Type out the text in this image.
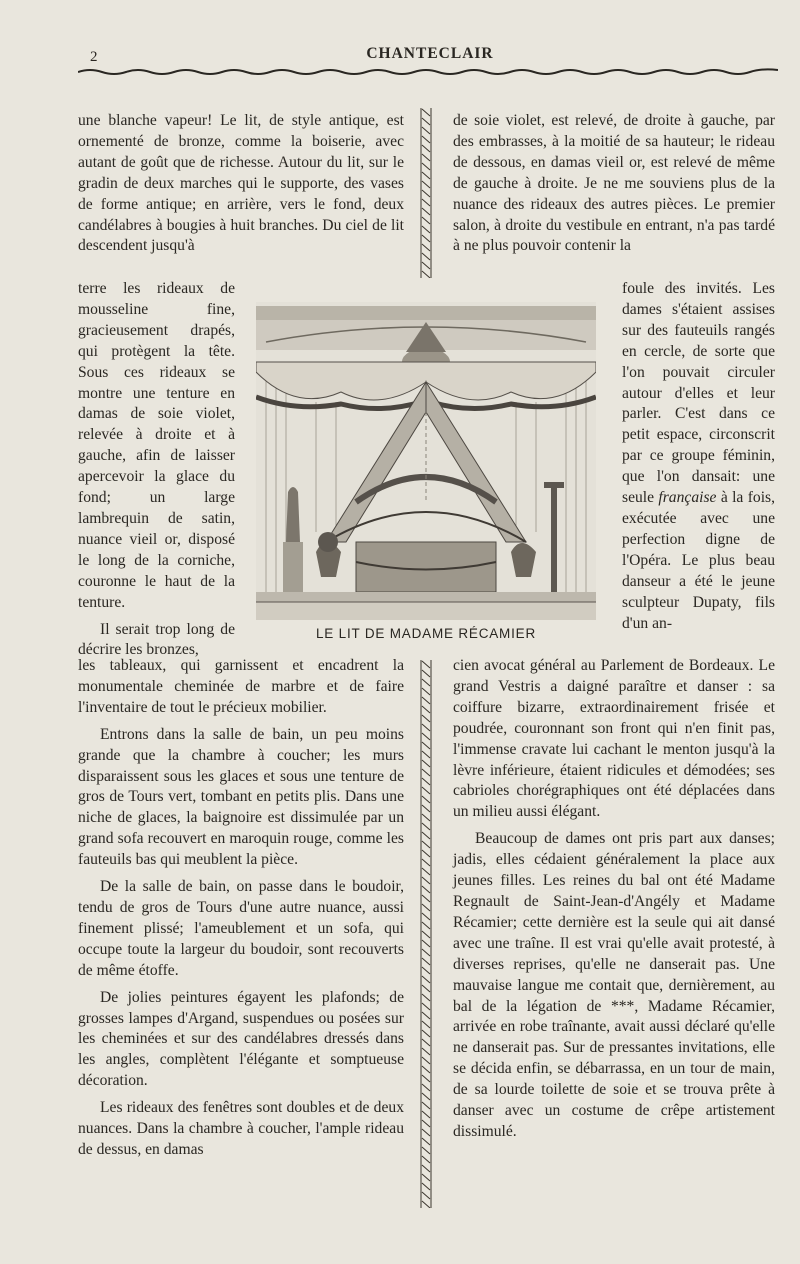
2	CHANTECLAIR

une blanche vapeur! Le lit, de style antique, est ornementé de bronze, comme la boiserie, avec autant de goût que de richesse. Autour du lit, sur le gradin de deux marches qui le supporte, des vases de forme antique; en arrière, vers le fond, deux candélabres à bougies à huit branches. Du ciel de lit descendent jusqu'à

terre les rideaux de mousseline fine, gracieusement drapés, qui protègent la tête. Sous ces rideaux se montre une tenture en damas de soie violet, relevée à droite et à gauche, afin de laisser apercevoir la glace du fond; un large lambrequin de satin, nuance vieil or, disposé le long de la corniche, couronne le haut de la tenture.

Il serait trop long de décrire les bronzes,

les tableaux, qui garnissent et encadrent la monumentale cheminée de marbre et de faire l'inventaire de tout le précieux mobilier.

Entrons dans la salle de bain, un peu moins grande que la chambre à coucher; les murs disparaissent sous les glaces et sous une tenture de gros de Tours vert, tombant en petits plis. Dans une niche de glaces, la baignoire est dissimulée par un grand sofa recouvert en maroquin rouge, comme les fauteuils bas qui meublent la pièce.

De la salle de bain, on passe dans le boudoir, tendu de gros de Tours d'une autre nuance, aussi finement plissé; l'ameublement et un sofa, qui occupe toute la largeur du boudoir, sont recouverts de même étoffe.

De jolies peintures égayent les plafonds; de grosses lampes d'Argand, suspendues ou posées sur les cheminées et sur des candélabres dressés dans les angles, complètent l'élégante et somptueuse décoration.

Les rideaux des fenêtres sont doubles et de deux nuances. Dans la chambre à coucher, l'ample rideau de dessus, en damas

de soie violet, est relevé, de droite à gauche, par des embrasses, à la moitié de sa hauteur; le rideau de dessous, en damas vieil or, est relevé de même de gauche à droite. Je ne me souviens plus de la nuance des rideaux des autres pièces. Le premier salon, à droite du vestibule en entrant, n'a pas tardé à ne plus pouvoir contenir la

foule des invités. Les dames s'étaient assises sur des fauteuils rangés en cercle, de sorte que l'on pouvait circuler autour d'elles et leur parler. C'est dans ce petit espace, circonscrit par ce groupe féminin, que l'on dansait: une seule française à la fois, exécutée avec une perfection digne de l'Opéra. Le plus beau danseur a été le jeune sculpteur Dupaty, fils d'un an-

cien avocat général au Parlement de Bordeaux. Le grand Vestris a daigné paraître et danser : sa coiffure bizarre, extraordinairement frisée et poudrée, couronnant son front qui n'en finit pas, l'immense cravate lui cachant le menton jusqu'à la lèvre inférieure, étaient ridicules et démodées; ses cabrioles chorégraphiques ont été déplacées dans un milieu aussi élégant.

Beaucoup de dames ont pris part aux danses; jadis, elles cédaient généralement la place aux jeunes filles. Les reines du bal ont été Madame Regnault de Saint-Jean-d'Angély et Madame Récamier; cette dernière est la seule qui ait dansé avec une traîne. Il est vrai qu'elle avait protesté, à diverses reprises, qu'elle ne danserait pas. Une mauvaise langue me contait que, dernièrement, au bal de la légation de ***, Madame Récamier, arrivée en robe traînante, avait aussi déclaré qu'elle ne danserait pas. Sur de pressantes invitations, elle se décida enfin, se débarrassa, en un tour de main, de sa lourde toilette de soie et se trouva prête à danser avec un costume de crêpe artistement dissimulé.

LE LIT DE MADAME RÉCAMIER
